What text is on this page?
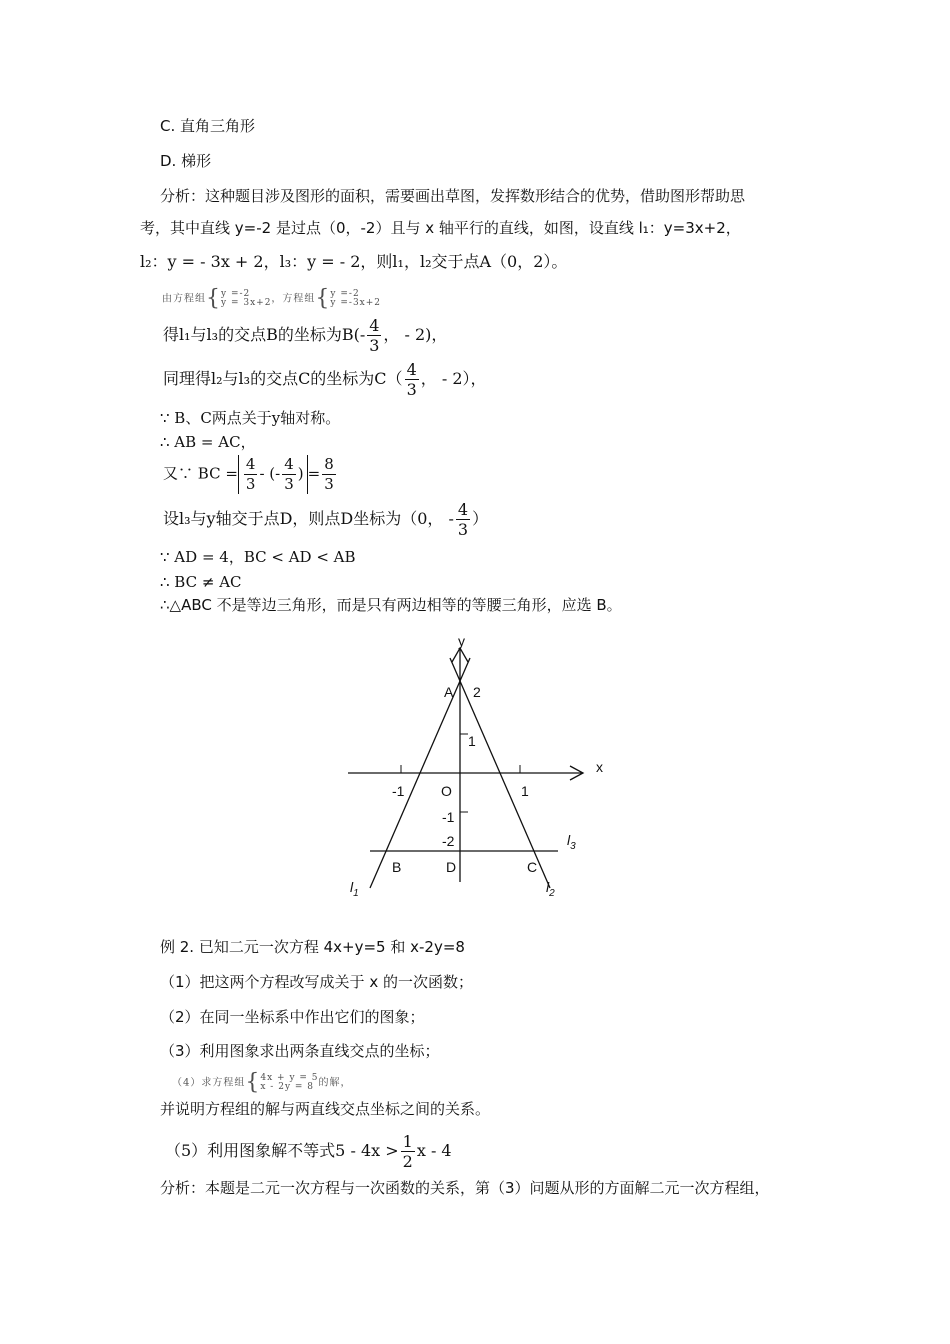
C. 直角三角形
D. 梯形
分析：这种题目涉及图形的面积，需要画出草图，发挥数形结合的优势，借助图形帮助思
考，其中直线 y=-2 是过点（0，-2）且与 x 轴平行的直线，如图，设直线 l₁：y=3x+2，
l₂：y = - 3x + 2，l₃：y = - 2，则l₁，l₂交于点A（0，2）。
由方程组{y =-2
y = 3x+2，方程组{y =-2
y =-3x+2
得l₁与l₃的交点B的坐标为$B(- \frac{4}{3}$ ， - 2)，
同理得l₂与l₃的交点C的坐标为$C( \frac{4}{3}$ ， - 2），
∵ B、C两点关于y轴对称。
∴ AB = AC，
又∵ BC = $\frac{4}{3}$ - (- $\frac{4}{3}$ ) = $\frac{8}{3}$
设l₃与y轴交于点D，则点D坐标为（0， - $\frac{4}{3}$ ）
∵ AD = 4，BC < AD < AB
∴ BC ≠ AC
∴△ABC 不是等边三角形，而是只有两边相等的等腰三角形，应选 B。
y
x
A 2
1
-1	O	1
-1
-2
B	D	C
$l_3$
$l_1$	$l_2$
例 2. 已知二元一次方程 4x+y=5 和 x-2y=8
（1）把这两个方程改写成关于 x 的一次函数；
（2）在同一坐标系中作出它们的图象；
（3）利用图象求出两条直线交点的坐标；
（4）求方程组{4x + y = 5
x - 2y = 8 的解，
并说明方程组的解与两直线交点坐标之间的关系。
（5）利用图象解不等式$5 - 4x > \frac{1}{2}$ x - 4
分析：本题是二元一次方程与一次函数的关系，第（3）问题从形的方面解二元一次方程组，
